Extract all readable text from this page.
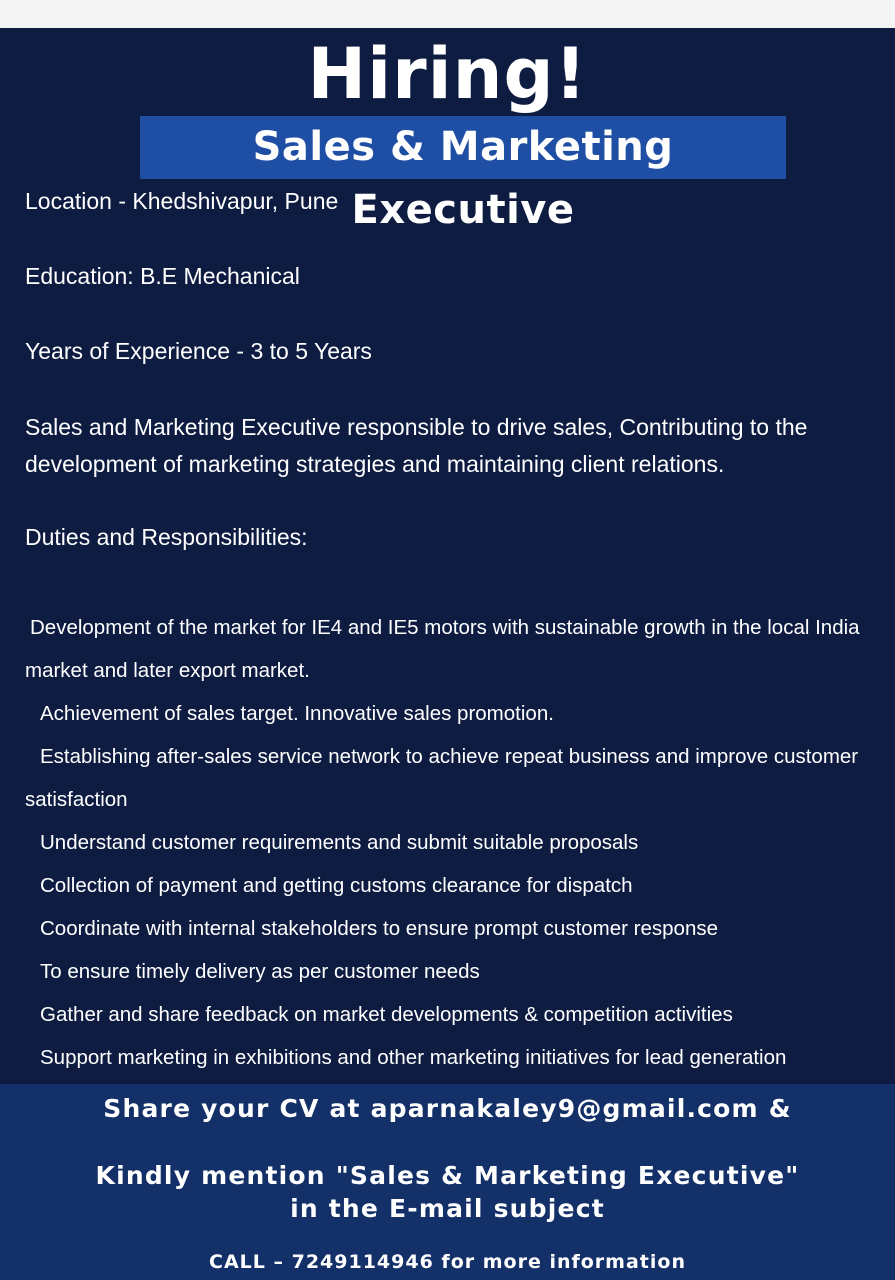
Hiring!
Sales & Marketing Executive
Location - Khedshivapur, Pune
Education: B.E Mechanical
Years of Experience - 3 to 5 Years
Sales and Marketing Executive responsible to drive sales, Contributing to the development of marketing strategies and maintaining client relations.
Duties and Responsibilities:
Development of the market for IE4 and IE5 motors with sustainable growth in the local India market and later export market.
Achievement of sales target. Innovative sales promotion.
Establishing after-sales service network to achieve repeat business and improve customer satisfaction
Understand customer requirements and submit suitable proposals
Collection of payment and getting customs clearance for dispatch
Coordinate with internal stakeholders to ensure prompt customer response
To ensure timely delivery as per customer needs
Gather and share feedback on market developments & competition activities
Support marketing in exhibitions and other marketing initiatives for lead generation
Share your CV at aparnakaley9@gmail.com &
Kindly mention "Sales & Marketing Executive"
in the E-mail subject
CALL – 7249114946 for more information
